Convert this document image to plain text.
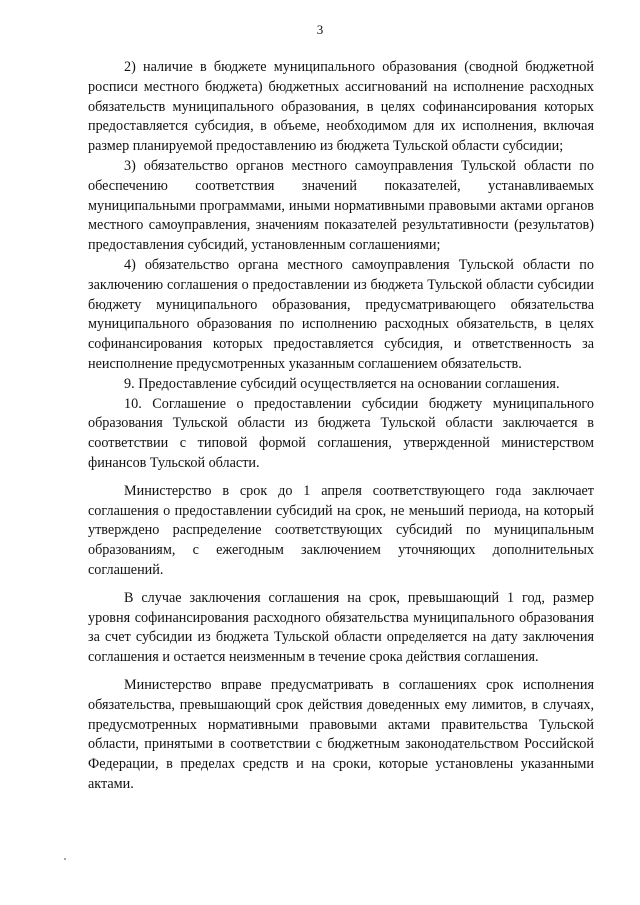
3

2) наличие в бюджете муниципального образования (сводной бюджетной росписи местного бюджета) бюджетных ассигнований на исполнение расходных обязательств муниципального образования, в целях софинансирования которых предоставляется субсидия, в объеме, необходимом для их исполнения, включая размер планируемой предоставлению из бюджета Тульской области субсидии;

3) обязательство органов местного самоуправления Тульской области по обеспечению соответствия значений показателей, устанавливаемых муниципальными программами, иными нормативными правовыми актами органов местного самоуправления, значениям показателей результативности (результатов) предоставления субсидий, установленным соглашениями;

4) обязательство органа местного самоуправления Тульской области по заключению соглашения о предоставлении из бюджета Тульской области субсидии бюджету муниципального образования, предусматривающего обязательства муниципального образования по исполнению расходных обязательств, в целях софинансирования которых предоставляется субсидия, и ответственность за неисполнение предусмотренных указанным соглашением обязательств.

9. Предоставление субсидий осуществляется на основании соглашения.

10. Соглашение о предоставлении субсидии бюджету муниципального образования Тульской области из бюджета Тульской области заключается в соответствии с типовой формой соглашения, утвержденной министерством финансов Тульской области.

Министерство в срок до 1 апреля соответствующего года заключает соглашения о предоставлении субсидий на срок, не меньший периода, на который утверждено распределение соответствующих субсидий по муниципальным образованиям, с ежегодным заключением уточняющих дополнительных соглашений.

В случае заключения соглашения на срок, превышающий 1 год, размер уровня софинансирования расходного обязательства муниципального образования за счет субсидии из бюджета Тульской области определяется на дату заключения соглашения и остается неизменным в течение срока действия соглашения.

Министерство вправе предусматривать в соглашениях срок исполнения обязательства, превышающий срок действия доведенных ему лимитов, в случаях, предусмотренных нормативными правовыми актами правительства Тульской области, принятыми в соответствии с бюджетным законодательством Российской Федерации, в пределах средств и на сроки, которые установлены указанными актами.
